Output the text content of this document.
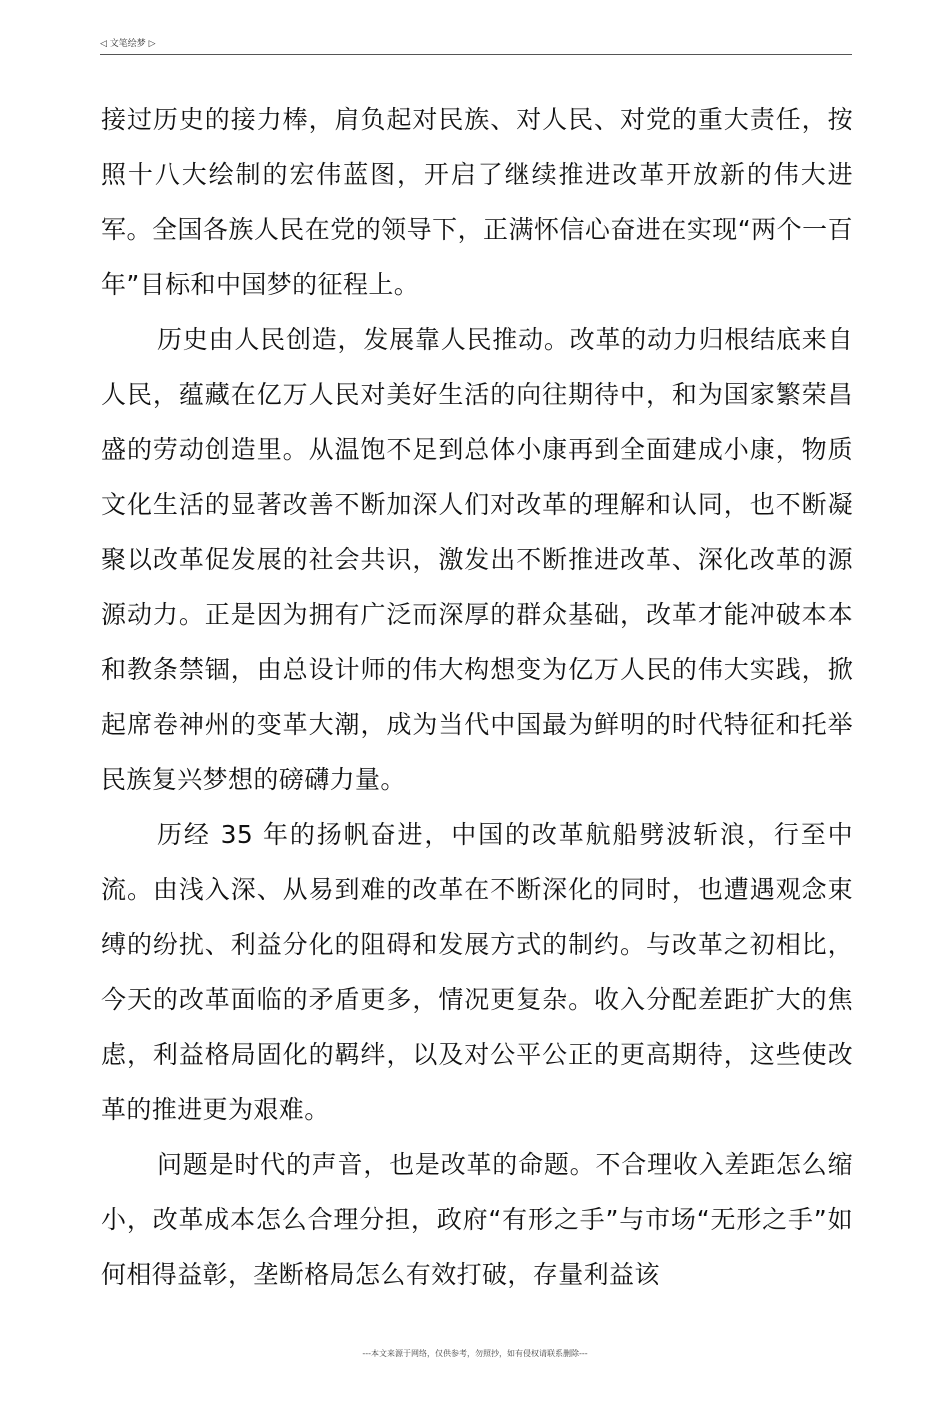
◁ 文笔绘梦 ▷

接过历史的接力棒，肩负起对民族、对人民、对党的重大责任，按照十八大绘制的宏伟蓝图，开启了继续推进改革开放新的伟大进军。全国各族人民在党的领导下，正满怀信心奋进在实现“两个一百年”目标和中国梦的征程上。

历史由人民创造，发展靠人民推动。改革的动力归根结底来自人民，蕴藏在亿万人民对美好生活的向往期待中，和为国家繁荣昌盛的劳动创造里。从温饱不足到总体小康再到全面建成小康，物质文化生活的显著改善不断加深人们对改革的理解和认同，也不断凝聚以改革促发展的社会共识，激发出不断推进改革、深化改革的源源动力。正是因为拥有广泛而深厚的群众基础，改革才能冲破本本和教条禁锢，由总设计师的伟大构想变为亿万人民的伟大实践，掀起席卷神州的变革大潮，成为当代中国最为鲜明的时代特征和托举民族复兴梦想的磅礴力量。

历经 35 年的扬帆奋进，中国的改革航船劈波斩浪，行至中流。由浅入深、从易到难的改革在不断深化的同时，也遭遇观念束缚的纷扰、利益分化的阻碍和发展方式的制约。与改革之初相比，今天的改革面临的矛盾更多，情况更复杂。收入分配差距扩大的焦虑，利益格局固化的羁绊，以及对公平公正的更高期待，这些使改革的推进更为艰难。

问题是时代的声音，也是改革的命题。不合理收入差距怎么缩小，改革成本怎么合理分担，政府“有形之手”与市场“无形之手”如何相得益彰，垄断格局怎么有效打破，存量利益该

---本文来源于网络，仅供参考，勿照抄，如有侵权请联系删除---
